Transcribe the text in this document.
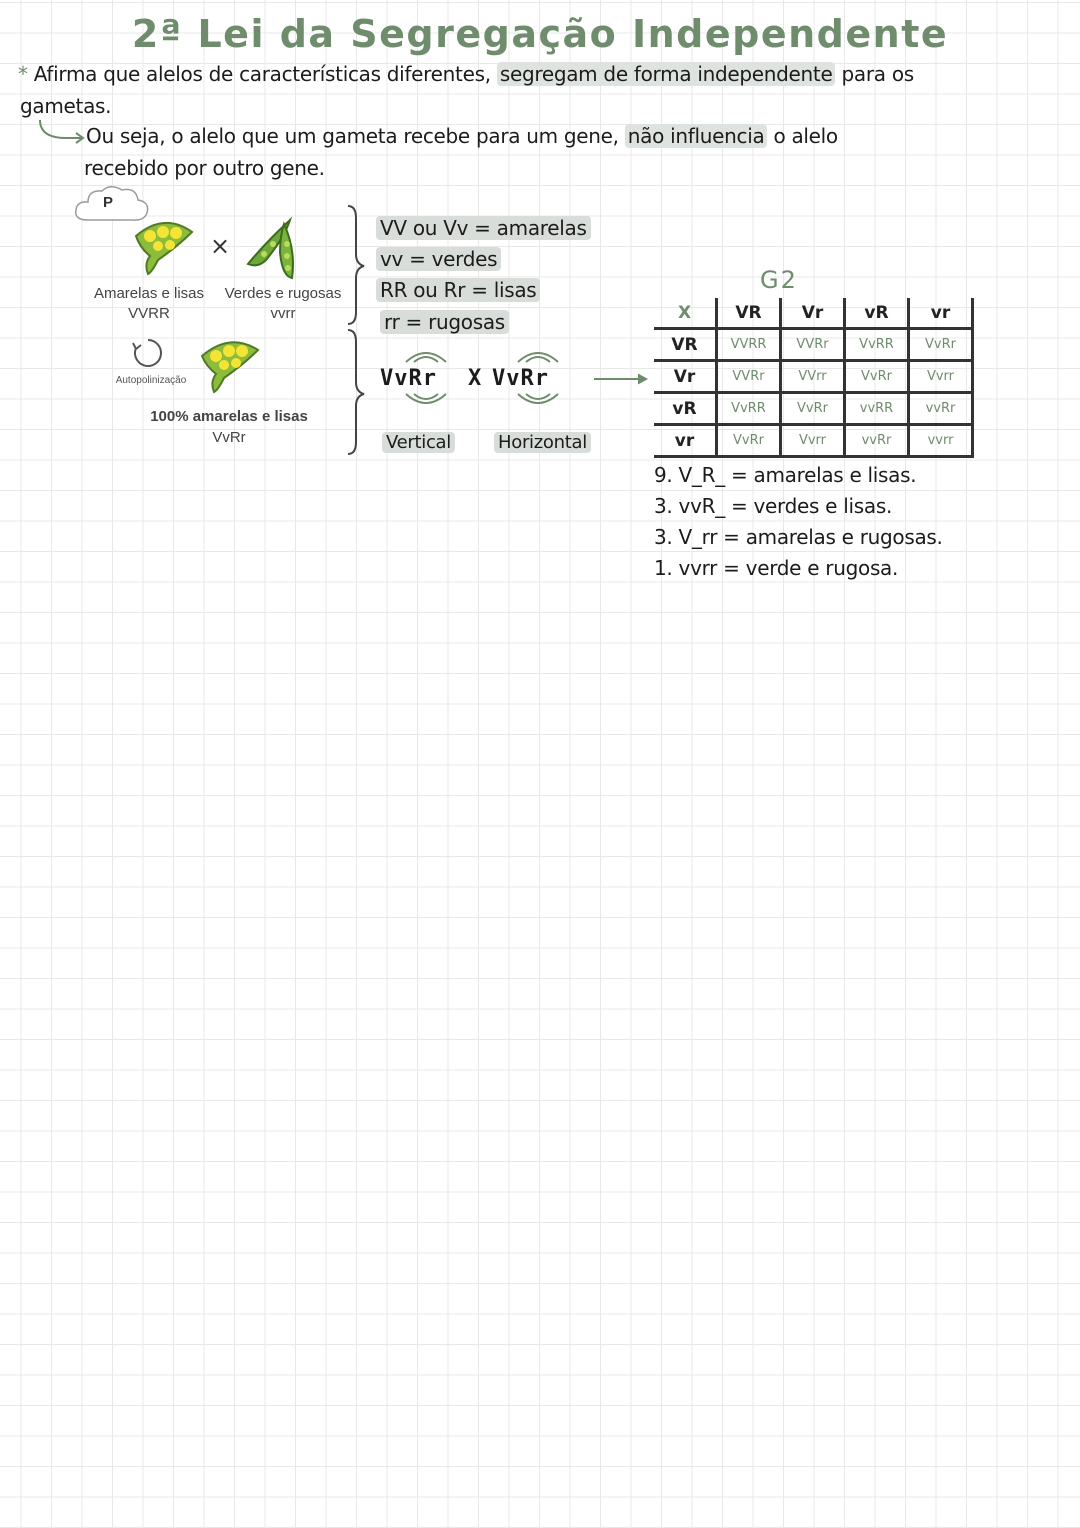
2ª Lei da Segregação Independente
* Afirma que alelos de características diferentes, segregam de forma independente para os
gametas.
Ou seja, o alelo que um gameta recebe para um gene, não influencia o alelo
recebido por outro gene.
P
×
Amarelas e lisas
VVRR
Verdes e rugosas
vvrr
Autopolinização
100% amarelas e lisas
VvRr
VV ou Vv = amarelas
vv = verdes
RR ou Rr = lisas
rr = rugosas
VvRr X VvRr
Vertical	Horizontal
G2
X	VR	Vr	vR	vr
VR	VVRR	VVRr	VvRR	VvRr
Vr	VVRr	VVrr	VvRr	Vvrr
vR	VvRR	VvRr	vvRR	vvRr
vr	VvRr	Vvrr	vvRr	vvrr
9. V_R_ = amarelas e lisas.
3. vvR_ = verdes e lisas.
3. V_rr = amarelas e rugosas.
1. vvrr = verde e rugosa.
